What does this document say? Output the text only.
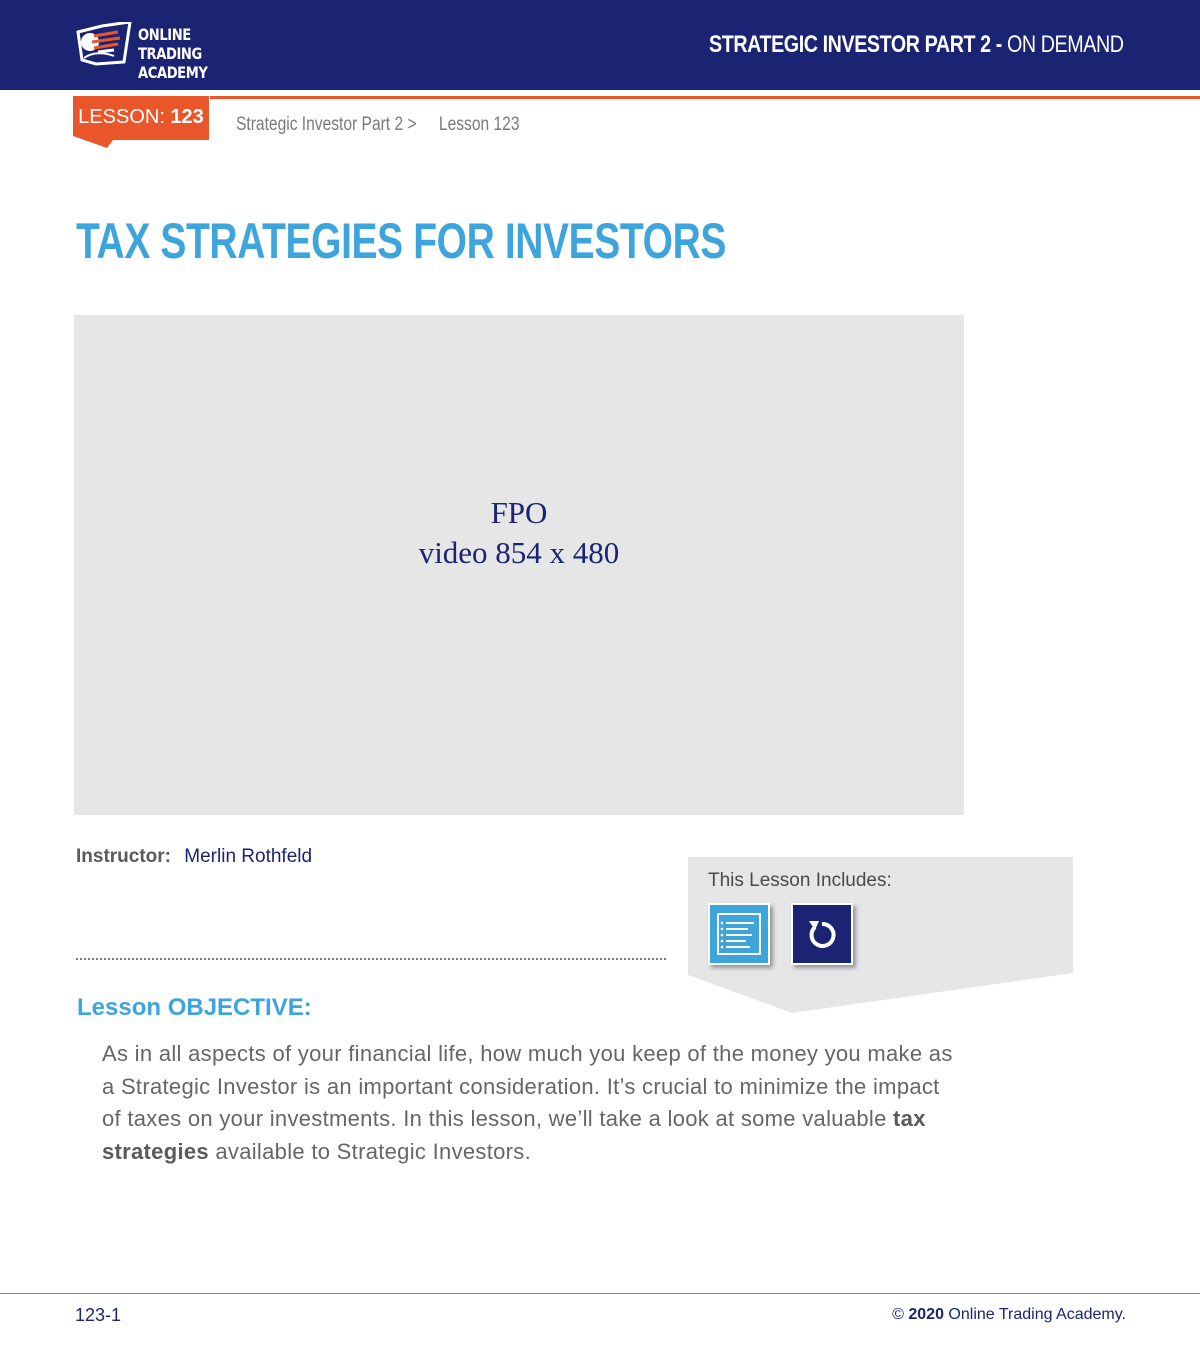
ONLINE TRADING
ACADEMY
STRATEGIC INVESTOR PART 2 - ON DEMAND
LESSON: 123 Strategic Investor Part 2 > Lesson 123
TAX STRATEGIES FOR INVESTORS
FPO
video 854 x 480
Instructor: Merlin Rothfeld
This Lesson Includes:
Lesson OBJECTIVE:
As in all aspects of your financial life, how much you keep of the money you make as a Strategic Investor is an important consideration. It’s crucial to minimize the impact of taxes on your investments. In this lesson, we’ll take a look at some valuable tax strategies available to Strategic Investors.
123-1	© 2020 Online Trading Academy.
